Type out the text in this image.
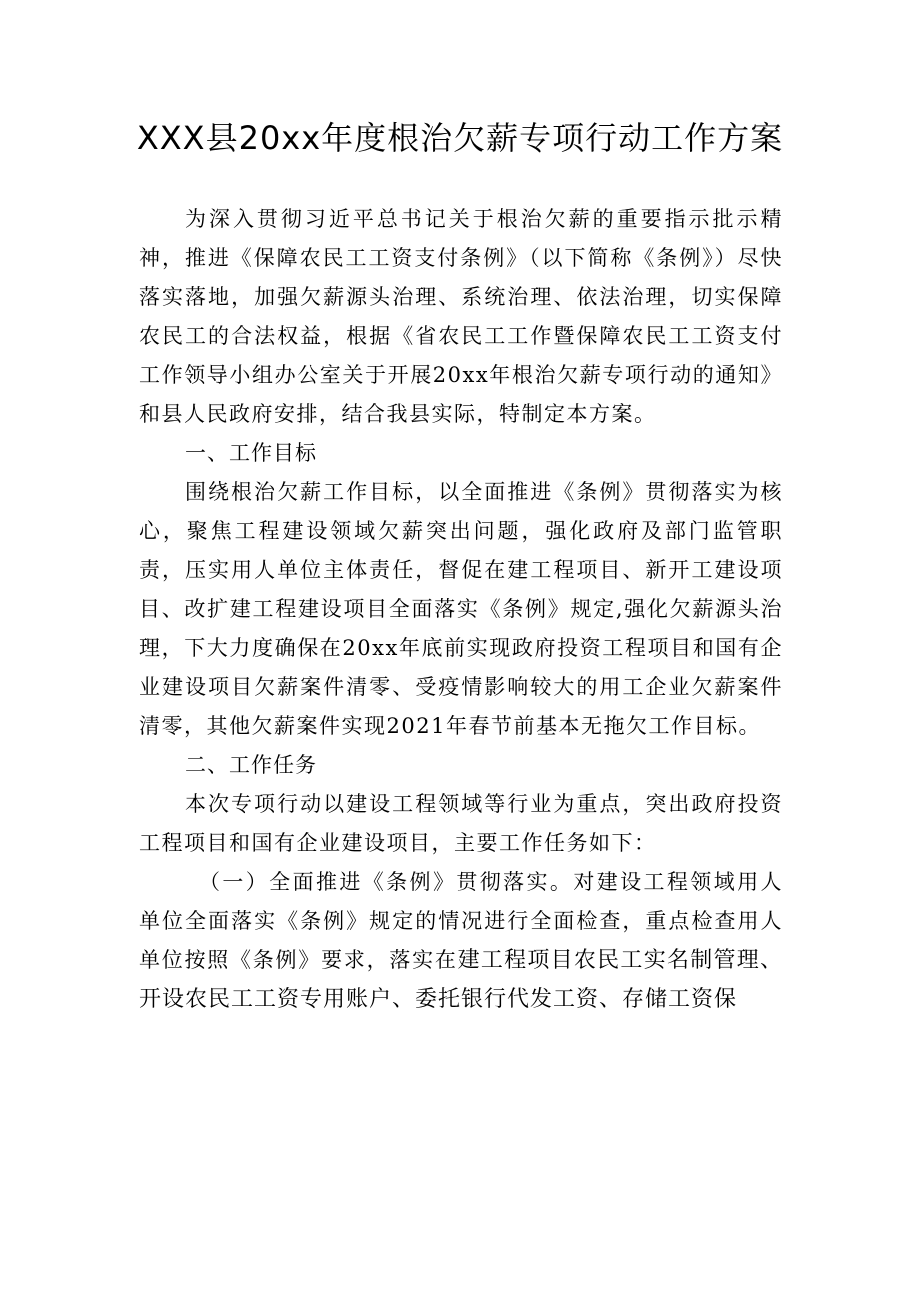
XXX县20xx年度根治欠薪专项行动工作方案

为深入贯彻习近平总书记关于根治欠薪的重要指示批示精神，推进《保障农民工工资支付条例》（以下简称《条例》）尽快落实落地，加强欠薪源头治理、系统治理、依法治理，切实保障农民工的合法权益，根据《省农民工工作暨保障农民工工资支付工作领导小组办公室关于开展20xx年根治欠薪专项行动的通知》和县人民政府安排，结合我县实际，特制定本方案。

一、工作目标

围绕根治欠薪工作目标，以全面推进《条例》贯彻落实为核心，聚焦工程建设领域欠薪突出问题，强化政府及部门监管职责，压实用人单位主体责任，督促在建工程项目、新开工建设项目、改扩建工程建设项目全面落实《条例》规定,强化欠薪源头治理，下大力度确保在20xx年底前实现政府投资工程项目和国有企业建设项目欠薪案件清零、受疫情影响较大的用工企业欠薪案件清零，其他欠薪案件实现2021年春节前基本无拖欠工作目标。

二、工作任务

本次专项行动以建设工程领域等行业为重点，突出政府投资工程项目和国有企业建设项目，主要工作任务如下：

（一）全面推进《条例》贯彻落实。对建设工程领域用人单位全面落实《条例》规定的情况进行全面检查，重点检查用人单位按照《条例》要求，落实在建工程项目农民工实名制管理、开设农民工工资专用账户、委托银行代发工资、存储工资保
